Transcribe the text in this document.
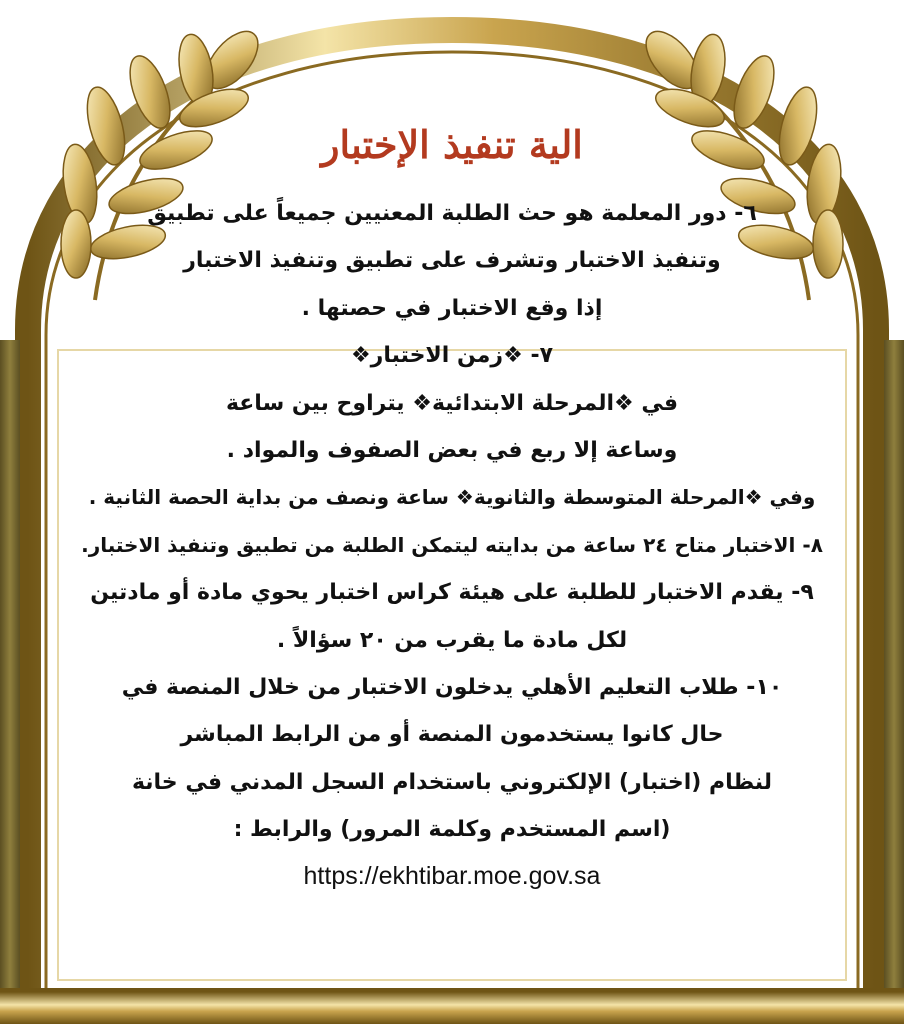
الية تنفيذ الإختبار
٦- دور المعلمة هو حث الطلبة المعنيين جميعاً على تطبيق
وتنفيذ الاختبار وتشرف على تطبيق وتنفيذ الاختبار
إذا وقع الاختبار في حصتها .
٧- ❖زمن الاختبار❖
في ❖المرحلة الابتدائية❖ يتراوح بين ساعة
وساعة إلا ربع في بعض الصفوف والمواد .
وفي ❖المرحلة المتوسطة والثانوية❖ ساعة ونصف من بداية الحصة الثانية .
٨- الاختبار متاح ٢٤ ساعة من بدايته ليتمكن الطلبة من تطبيق وتنفيذ الاختبار.
٩- يقدم الاختبار للطلبة على هيئة كراس اختبار يحوي مادة أو مادتين
لكل مادة ما يقرب من ٢٠ سؤالاً .
١٠- طلاب التعليم الأهلي يدخلون الاختبار من خلال المنصة في
حال كانوا يستخدمون المنصة أو من الرابط المباشر
لنظام (اختبار) الإلكتروني باستخدام السجل المدني في خانة
(اسم المستخدم وكلمة المرور) والرابط :
https://ekhtibar.moe.gov.sa
